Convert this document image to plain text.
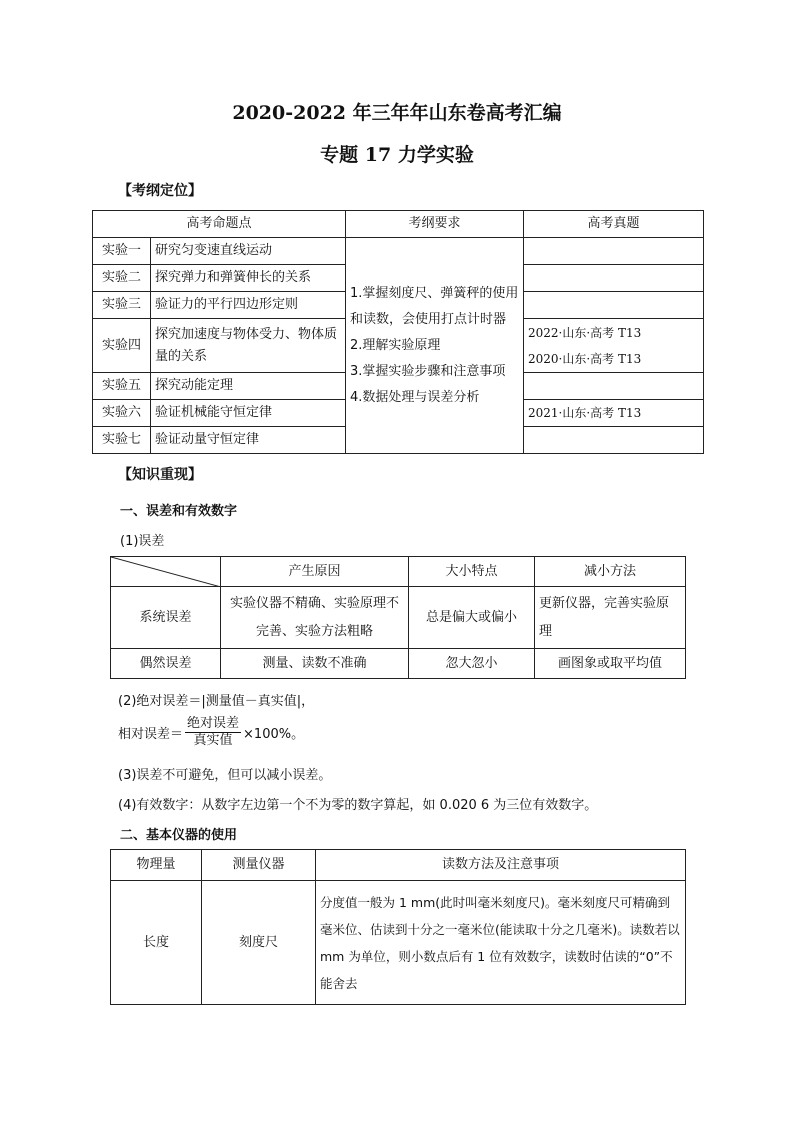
2020-2022 年三年年山东卷高考汇编
专题 17 力学实验
【考纲定位】
高考命题点		考纲要求	高考真题
实验一	研究匀变速直线运动	1.掌握刻度尺、弹簧秤的使用和读数，会使用打点计时器
2.理解实验原理
3.掌握实验步骤和注意事项
4.数据处理与误差分析	
实验二	探究弹力和弹簧伸长的关系		
实验三	验证力的平行四边形定则		
实验四	探究加速度与物体受力、物体质量的关系		2022·山东·高考 T13
2020·山东·高考 T13
实验五	探究动能定理		
实验六	验证机械能守恒定律		2021·山东·高考 T13
实验七	验证动量守恒定律		
【知识重现】
一、误差和有效数字
(1)误差
	产生原因	大小特点	减小方法
系统误差	实验仪器不精确、实验原理不完善、实验方法粗略	总是偏大或偏小	更新仪器，完善实验原理
偶然误差	测量、读数不准确	忽大忽小	画图象或取平均值
(2)绝对误差＝|测量值－真实值|，
相对误差＝ $\frac{\text{绝对误差}}{\text{真实值}} \times 100\%$。
(3)误差不可避免，但可以减小误差。
(4)有效数字：从数字左边第一个不为零的数字算起，如 0.020 6 为三位有效数字。
二、基本仪器的使用
物理量	测量仪器	读数方法及注意事项
长度	刻度尺	分度值一般为 1 mm(此时叫毫米刻度尺)。毫米刻度尺可精确到毫米位、估读到十分之一毫米位(能读取十分之几毫米)。读数若以 mm 为单位，则小数点后有 1 位有效数字，读数时估读的“0”不能舍去
